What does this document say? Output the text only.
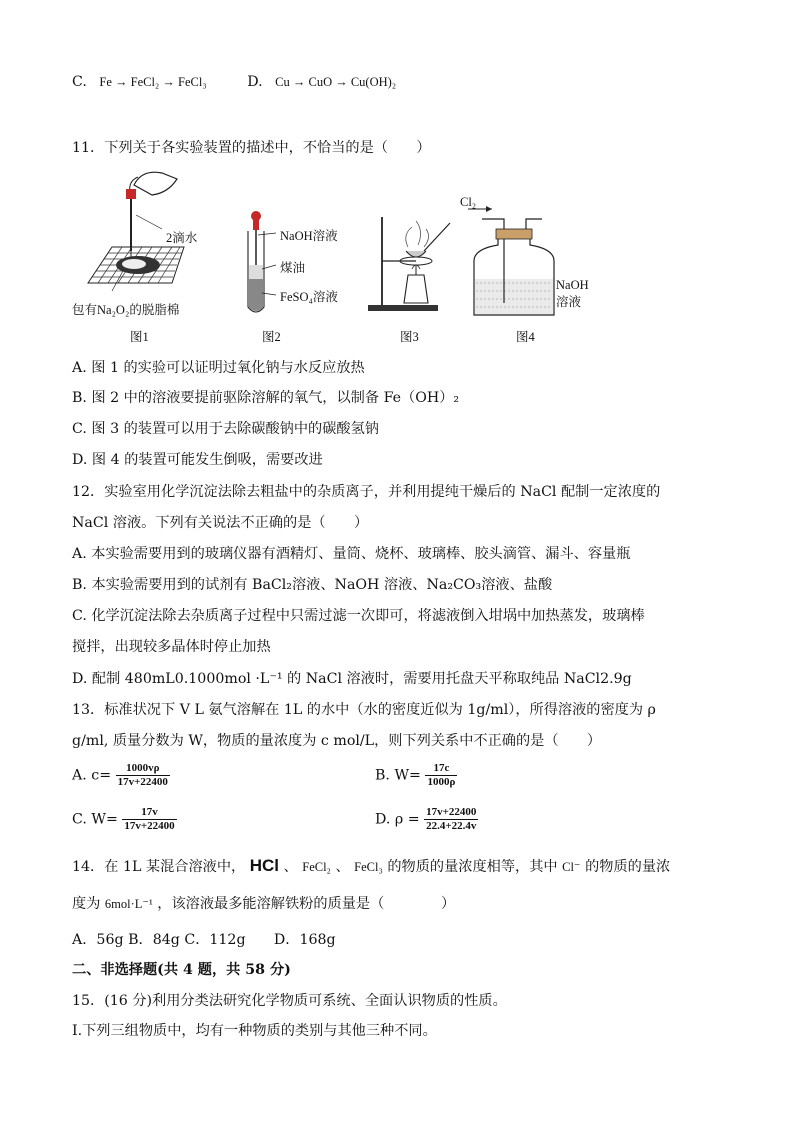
C. Fe → FeCl₂ → FeCl₃	D. Cu → CuO → Cu(OH)₂
11．下列关于各实验装置的描述中，不恰当的是（　　）
2滴水
包有Na₂O₂的脱脂棉
图1
NaOH溶液
煤油
FeSO₄溶液
图2	图3
Cl₂
NaOH
溶液
图4
A. 图 1 的实验可以证明过氧化钠与水反应放热
B. 图 2 中的溶液要提前驱除溶解的氧气，以制备 Fe（OH）₂
C. 图 3 的装置可以用于去除碳酸钠中的碳酸氢钠
D. 图 4 的装置可能发生倒吸，需要改进
12．实验室用化学沉淀法除去粗盐中的杂质离子，并利用提纯干燥后的 NaCl 配制一定浓度的
NaCl 溶液。下列有关说法不正确的是（　　）
A. 本实验需要用到的玻璃仪器有酒精灯、量筒、烧杯、玻璃棒、胶头滴管、漏斗、容量瓶
B. 本实验需要用到的试剂有 BaCl₂溶液、NaOH 溶液、Na₂CO₃溶液、盐酸
C. 化学沉淀法除去杂质离子过程中只需过滤一次即可，将滤液倒入坩埚中加热蒸发，玻璃棒
搅拌，出现较多晶体时停止加热
D. 配制 480mL0.1000mol ·L⁻¹ 的 NaCl 溶液时，需要用托盘天平称取纯品 NaCl2.9g
13．标准状况下 V L 氨气溶解在 1L 的水中（水的密度近似为 1g/ml），所得溶液的密度为 ρ
g/ml, 质量分数为 W，物质的量浓度为 c mol/L，则下列关系中不正确的是（　　）
A. $c= \frac{1000v\rho}{17v+22400}$	B. $W= \frac{17c}{1000\rho}$
C. $W= \frac{17v}{17v+22400}$	D. $\rho = \frac{17v+22400}{22.4+22.4v}$
14．在 1L 某混合溶液中， HCl 、 FeCl₂ 、 FeCl₃ 的物质的量浓度相等，其中 Cl⁻ 的物质的量浓
度为 6mol·L⁻¹ ，该溶液最多能溶解铁粉的质量是（　　　　）
A．56g B．84g C．112g　　D．168g
二、非选择题(共 4 题，共 58 分)
15．(16 分)利用分类法研究化学物质可系统、全面认识物质的性质。
Ⅰ.下列三组物质中，均有一种物质的类别与其他三种不同。
